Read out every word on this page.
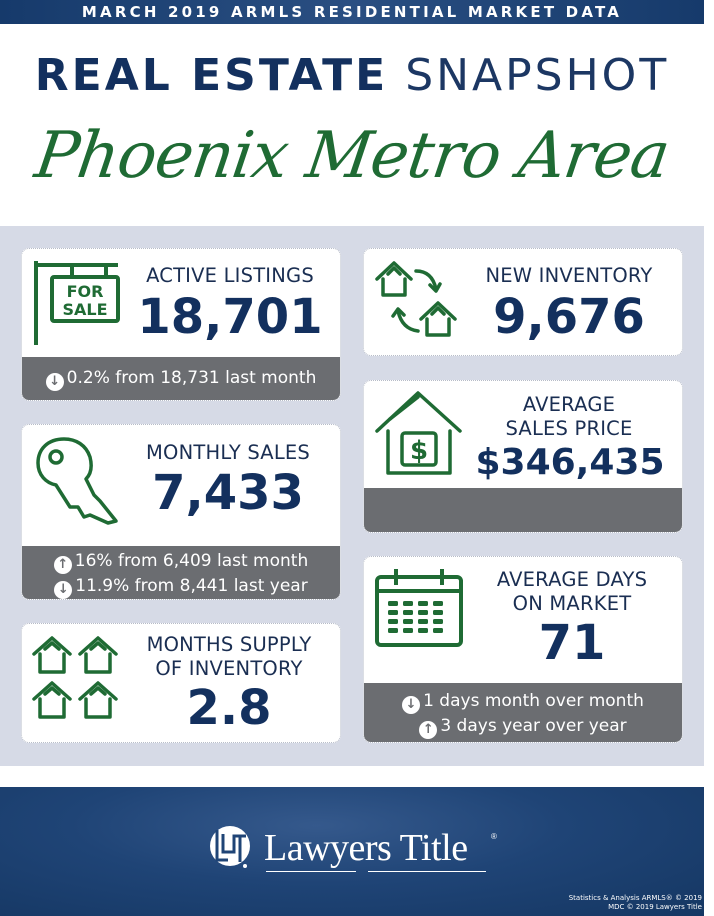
MARCH 2019 ARMLS RESIDENTIAL MARKET DATA
REAL ESTATE SNAPSHOT
Phoenix Metro Area
FOR
SALE
ACTIVE LISTINGS
18,701
↓ 0.2% from 18,731 last month
NEW INVENTORY
9,676
$
AVERAGE
SALES PRICE
$346,435
MONTHLY SALES
7,433
↑ 16% from 6,409 last month
↓ 11.9% from 8,441 last year
MONTHS SUPPLY
OF INVENTORY
2.8
AVERAGE DAYS
ON MARKET
71
↓ 1 days month over month
↑ 3 days year over year
Lawyers Title	®
Statistics & Analysis ARMLS® © 2019
MDC © 2019 Lawyers Title
